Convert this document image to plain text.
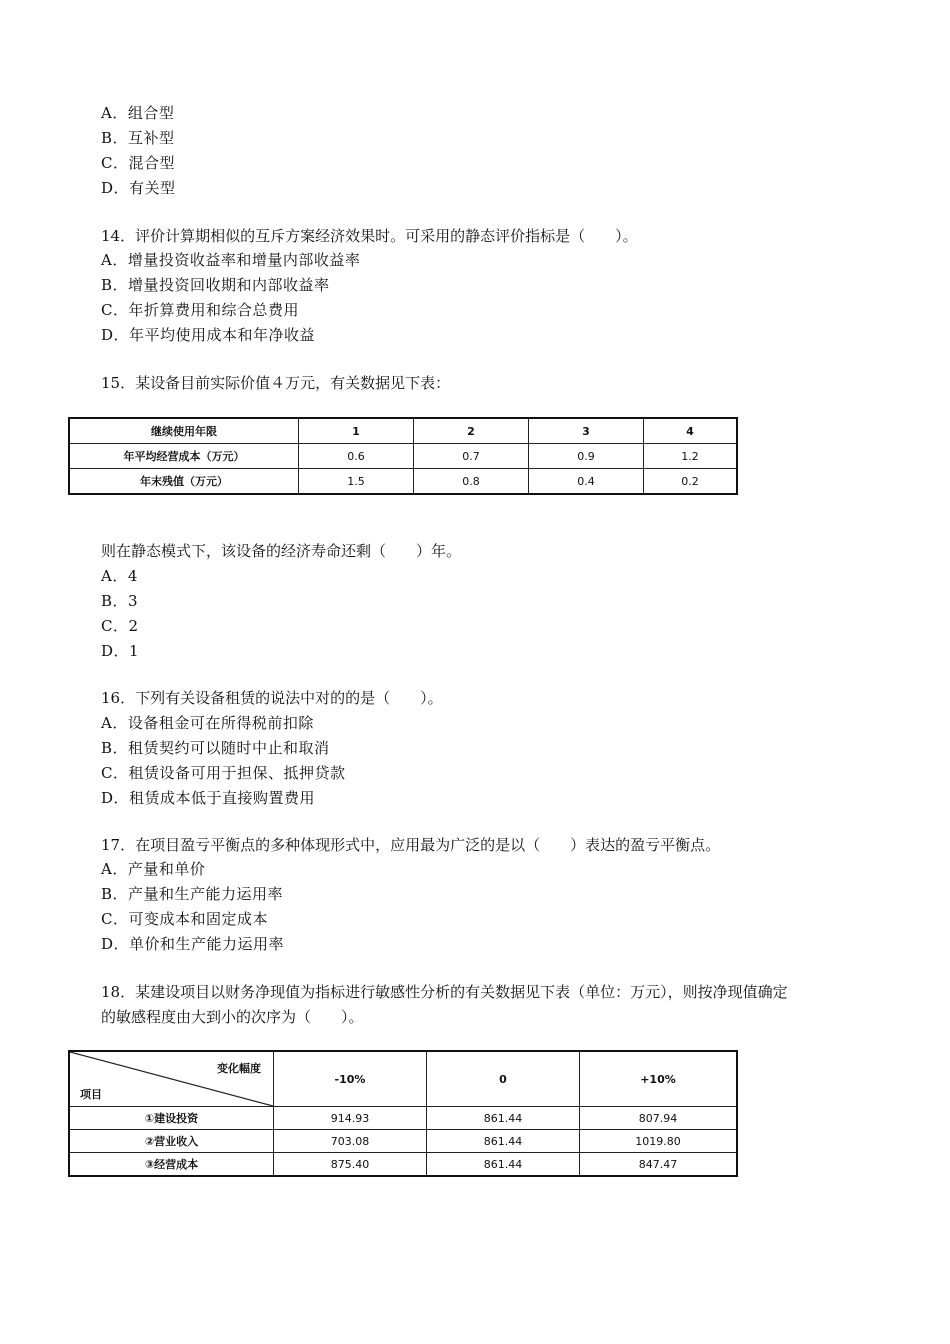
A．组合型
B．互补型
C．混合型
D．有关型
14．评价计算期相似的互斥方案经济效果时。可采用的静态评价指标是（　　）。
A．增量投资收益率和增量内部收益率
B．增量投资回收期和内部收益率
C．年折算费用和综合总费用
D．年平均使用成本和年净收益
15．某设备目前实际价值４万元，有关数据见下表：
继续使用年限	1	2	3	4
年平均经营成本（万元）	0.6	0.7	0.9	1.2
年末残值（万元）	1.5	0.8	0.4	0.2
则在静态模式下，该设备的经济寿命还剩（　　）年。
A．4
B．3
C．2
D．1
16．下列有关设备租赁的说法中对的的是（　　）。
A．设备租金可在所得税前扣除
B．租赁契约可以随时中止和取消
C．租赁设备可用于担保、抵押贷款
D．租赁成本低于直接购置费用
17．在项目盈亏平衡点的多种体现形式中，应用最为广泛的是以（　　）表达的盈亏平衡点。
A．产量和单价
B．产量和生产能力运用率
C．可变成本和固定成本
D．单价和生产能力运用率
18．某建设项目以财务净现值为指标进行敏感性分析的有关数据见下表（单位：万元），则按净现值确定
的敏感程度由大到小的次序为（　　）。
变化幅度
项目	-10%	0	+10%
①建设投资	914.93	861.44	807.94
②营业收入	703.08	861.44	1019.80
③经营成本	875.40	861.44	847.47
